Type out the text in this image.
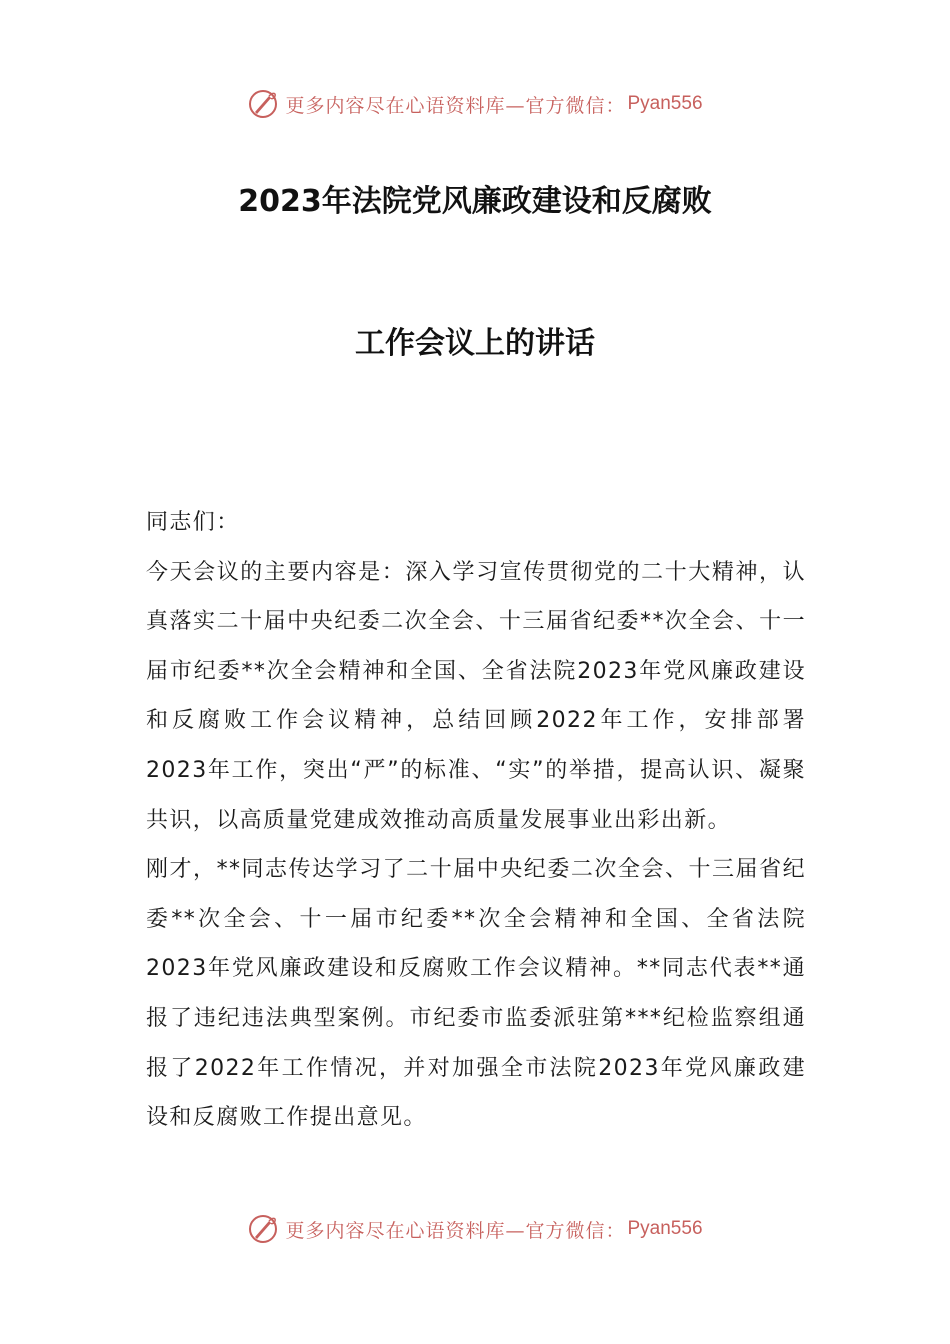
更多内容尽在心语资料库—官方微信： Pyan556
2023年法院党风廉政建设和反腐败
工作会议上的讲话

同志们：

今天会议的主要内容是：深入学习宣传贯彻党的二十大精神，认真落实二十届中央纪委二次全会、十三届省纪委**次全会、十一届市纪委**次全会精神和全国、全省法院2023年党风廉政建设和反腐败工作会议精神，总结回顾2022年工作，安排部署2023年工作，突出“严”的标准、“实”的举措，提高认识、凝聚共识，以高质量党建成效推动高质量发展事业出彩出新。

刚才，**同志传达学习了二十届中央纪委二次全会、十三届省纪委**次全会、十一届市纪委**次全会精神和全国、全省法院2023年党风廉政建设和反腐败工作会议精神。**同志代表**通报了违纪违法典型案例。市纪委市监委派驻第***纪检监察组通报了2022年工作情况，并对加强全市法院2023年党风廉政建设和反腐败工作提出意见。

更多内容尽在心语资料库—官方微信： Pyan556
